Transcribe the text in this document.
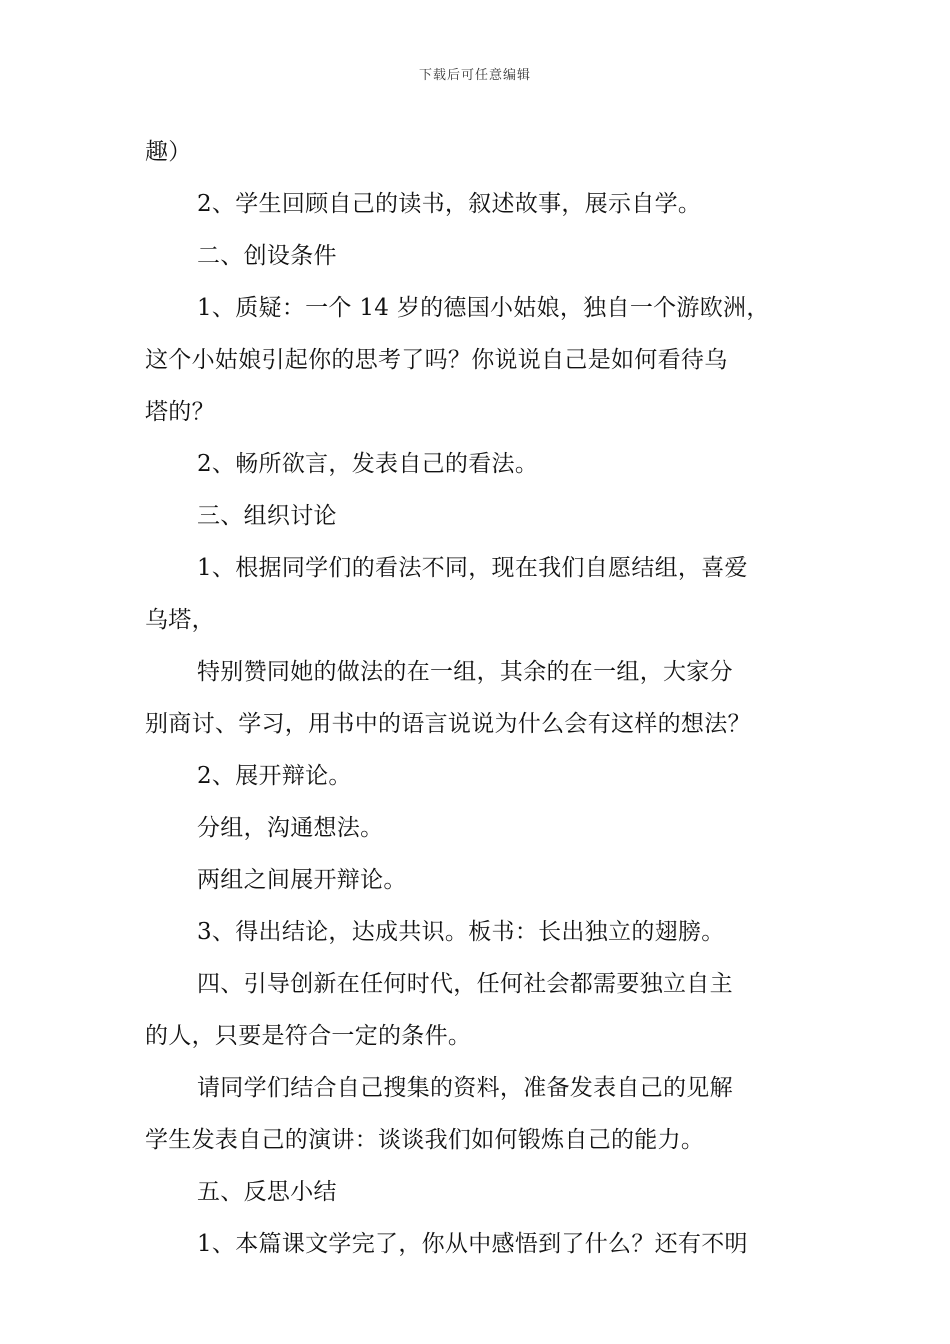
下载后可任意编辑
趣）
2、学生回顾自己的读书，叙述故事，展示自学。
二、创设条件
1、质疑：一个 14 岁的德国小姑娘，独自一个游欧洲，
这个小姑娘引起你的思考了吗？你说说自己是如何看待乌
塔的？
2、畅所欲言，发表自己的看法。
三、组织讨论
1、根据同学们的看法不同，现在我们自愿结组，喜爱
乌塔，
特别赞同她的做法的在一组，其余的在一组，大家分
别商讨、学习，用书中的语言说说为什么会有这样的想法？
2、展开辩论。
分组，沟通想法。
两组之间展开辩论。
3、得出结论，达成共识。板书：长出独立的翅膀。
四、引导创新在任何时代，任何社会都需要独立自主
的人，只要是符合一定的条件。
请同学们结合自己搜集的资料，准备发表自己的见解
学生发表自己的演讲：谈谈我们如何锻炼自己的能力。
五、反思小结
1、本篇课文学完了，你从中感悟到了什么？还有不明
